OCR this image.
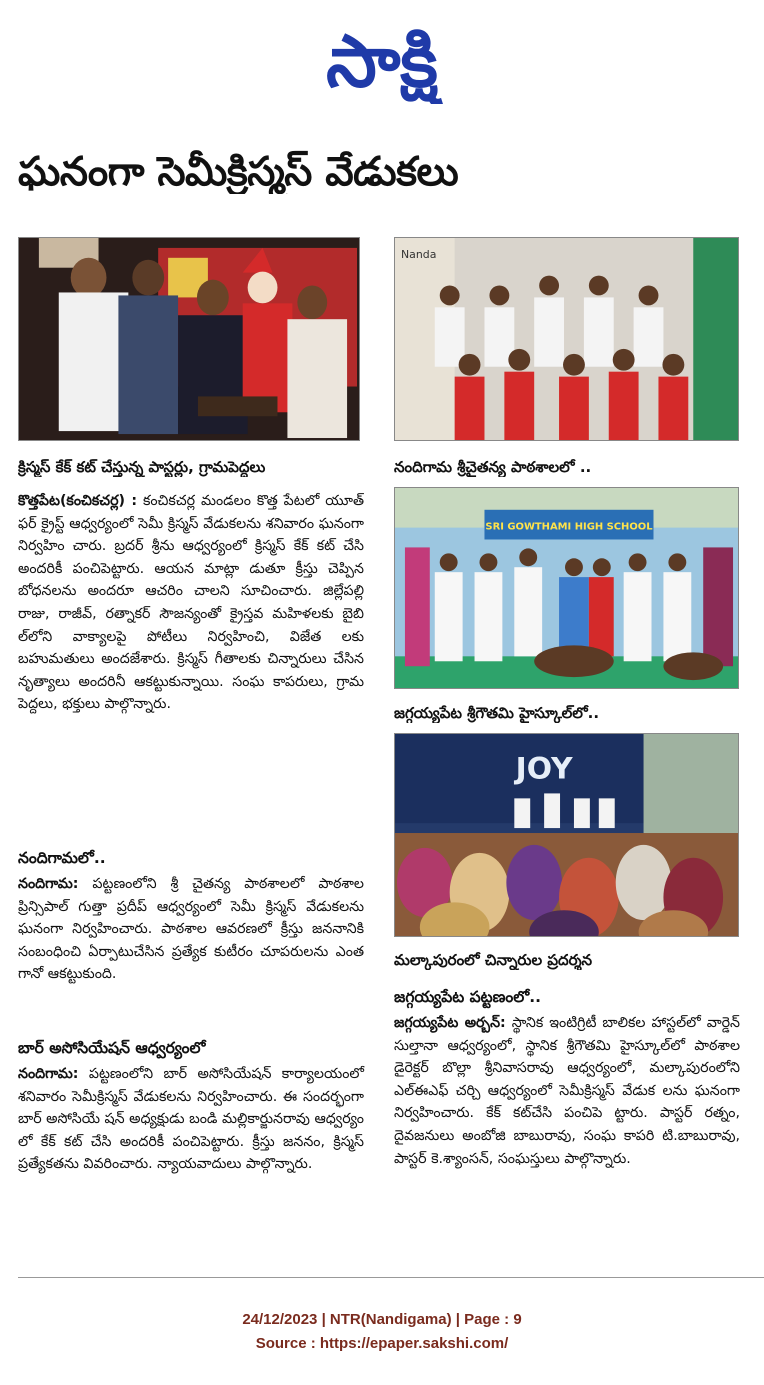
సాక్షి
ఘనంగా సెమీక్రిస్మస్ వేడుకలు
క్రిస్మస్ కేక్ కట్ చేస్తున్న పాస్టర్లు, గ్రామపెద్దలు
Nanda
నందిగామ శ్రీచైతన్య పాఠశాలలో ..
SRI GOWTHAMI HIGH SCHOOL
జగ్గయ్యపేట శ్రీగౌతమి హైస్కూల్‌లో..
JOY
మల్కాపురంలో చిన్నారుల ప్రదర్శన

కొత్తపేట(కంచికచర్ల) : కంచికచర్ల మండలం కొత్త పేటలో యూత్ ఫర్ క్రైస్ట్ ఆధ్వర్యంలో సెమీ క్రిస్మస్ వేడుకలను శనివారం ఘనంగా నిర్వహిం చారు. బ్రదర్ శ్రీను ఆధ్వర్యంలో క్రిస్మస్ కేక్ కట్ చేసి అందరికీ పంచిపెట్టారు. ఆయన మాట్లా డుతూ క్రీస్తు చెప్పిన బోధనలను అందరూ ఆచరిం చాలని సూచించారు. జిల్లేపల్లి రాజు, రాజీవ్, రత్నాకర్ సౌజన్యంతో క్రైస్తవ మహిళలకు బైబి ల్‌లోని వాక్యాలపై పోటీలు నిర్వహించి, విజేత లకు బహుమతులు అందజేశారు. క్రిస్మస్ గీతాలకు చిన్నారులు చేసిన నృత్యాలు అందరినీ ఆకట్టుకున్నాయి. సంఘ కాపరులు, గ్రామ పెద్దలు, భక్తులు పాల్గొన్నారు.

నందిగామలో..

నందిగామ: పట్టణంలోని శ్రీ చైతన్య పాఠశాలలో పాఠశాల ప్రిన్సిపాల్ గుత్తా ప్రదీప్ ఆధ్వర్యంలో సెమీ క్రిస్మస్ వేడుకలను ఘనంగా నిర్వహించారు. పాఠశాల ఆవరణలో క్రీస్తు జననానికి సంబంధించి ఏర్పాటుచేసిన ప్రత్యేక కుటీరం చూపరులను ఎంత గానో ఆకట్టుకుంది.

బార్ అసోసియేషన్ ఆధ్వర్యంలో

నందిగామ: పట్టణంలోని బార్ అసోసియేషన్ కార్యాలయంలో శనివారం సెమీక్రిస్మస్ వేడుకలను నిర్వహించారు. ఈ సందర్భంగా బార్ అసోసియే షన్ అధ్యక్షుడు బండి మల్లికార్జునరావు ఆధ్వర్యం లో కేక్ కట్ చేసి అందరికీ పంచిపెట్టారు. క్రీస్తు జననం, క్రిస్మస్ ప్రత్యేకతను వివరించారు. న్యాయవాదులు పాల్గొన్నారు.

జగ్గయ్యపేట పట్టణంలో..

జగ్గయ్యపేట అర్బన్: స్థానిక ఇంటిగ్రిటీ బాలికల హాస్టల్‌లో వార్డెన్ సుల్తానా ఆధ్వర్యంలో, స్థానిక శ్రీగౌతమి హైస్కూల్‌లో పాఠశాల డైరెక్టర్ బొల్లా శ్రీనివాసరావు ఆధ్వర్యంలో, మల్కాపురంలోని ఎల్ఈఎఫ్ చర్చి ఆధ్వర్యంలో సెమీక్రిస్మస్ వేడుక లను ఘనంగా నిర్వహించారు. కేక్ కట్‌చేసి పంచిపె ట్టారు. పాస్టర్ రత్నం, దైవజనులు అంబోజి బాబురావు, సంఘ కాపరి టి.బాబురావు, పాస్టర్ కె.శ్యాంసన్, సంఘస్తులు పాల్గొన్నారు.

24/12/2023 | NTR(Nandigama) | Page : 9
Source : https://epaper.sakshi.com/
